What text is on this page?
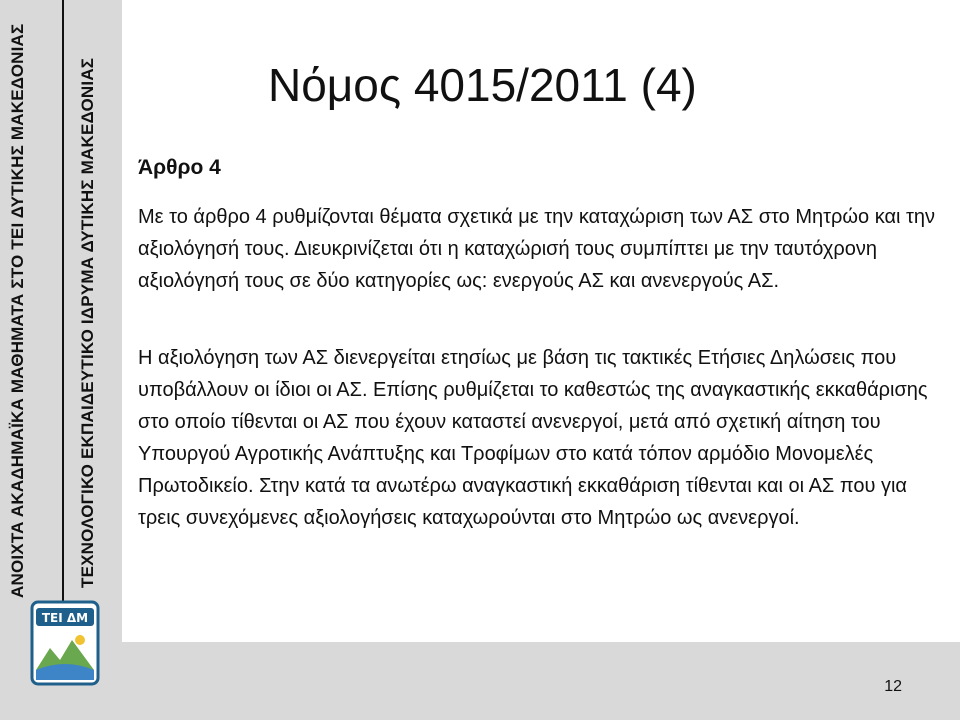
ΑΝΟΙΧΤΑ ΑΚΑΔΗΜΑΪΚΑ ΜΑΘΗΜΑΤΑ ΣΤΟ ΤΕΙ ΔΥΤΙΚΗΣ ΜΑΚΕΔΟΝΙΑΣ	ΤΕΧΝΟΛΟΓΙΚΟ ΕΚΠΑΙΔΕΥΤΙΚΟ ΙΔΡΥΜΑ ΔΥΤΙΚΗΣ ΜΑΚΕΔΟΝΙΑΣ
ΤΕΙ ΔΜ
Νόμος 4015/2011 (4)
Άρθρο 4
Με το άρθρο 4 ρυθμίζονται θέματα σχετικά με την καταχώριση των ΑΣ στο Μητρώο και την αξιολόγησή τους. Διευκρινίζεται ότι η καταχώρισή τους συμπίπτει με την ταυτόχρονη αξιολόγησή τους σε δύο κατηγορίες ως: ενεργούς ΑΣ και ανενεργούς ΑΣ.
Η αξιολόγηση των ΑΣ διενεργείται ετησίως με βάση τις τακτικές Ετήσιες Δηλώσεις που υποβάλλουν οι ίδιοι οι ΑΣ. Επίσης ρυθμίζεται το καθεστώς της αναγκαστικής εκκαθάρισης στο οποίο τίθενται οι ΑΣ που έχουν καταστεί ανενεργοί, μετά από σχετική αίτηση του Υπουργού Αγροτικής Ανάπτυξης και Τροφίμων στο κατά τόπον αρμόδιο Μονομελές Πρωτοδικείο. Στην κατά τα ανωτέρω αναγκαστική εκκαθάριση τίθενται και οι ΑΣ που για τρεις συνεχόμενες αξιολογήσεις καταχωρούνται στο Μητρώο ως ανενεργοί.
12
